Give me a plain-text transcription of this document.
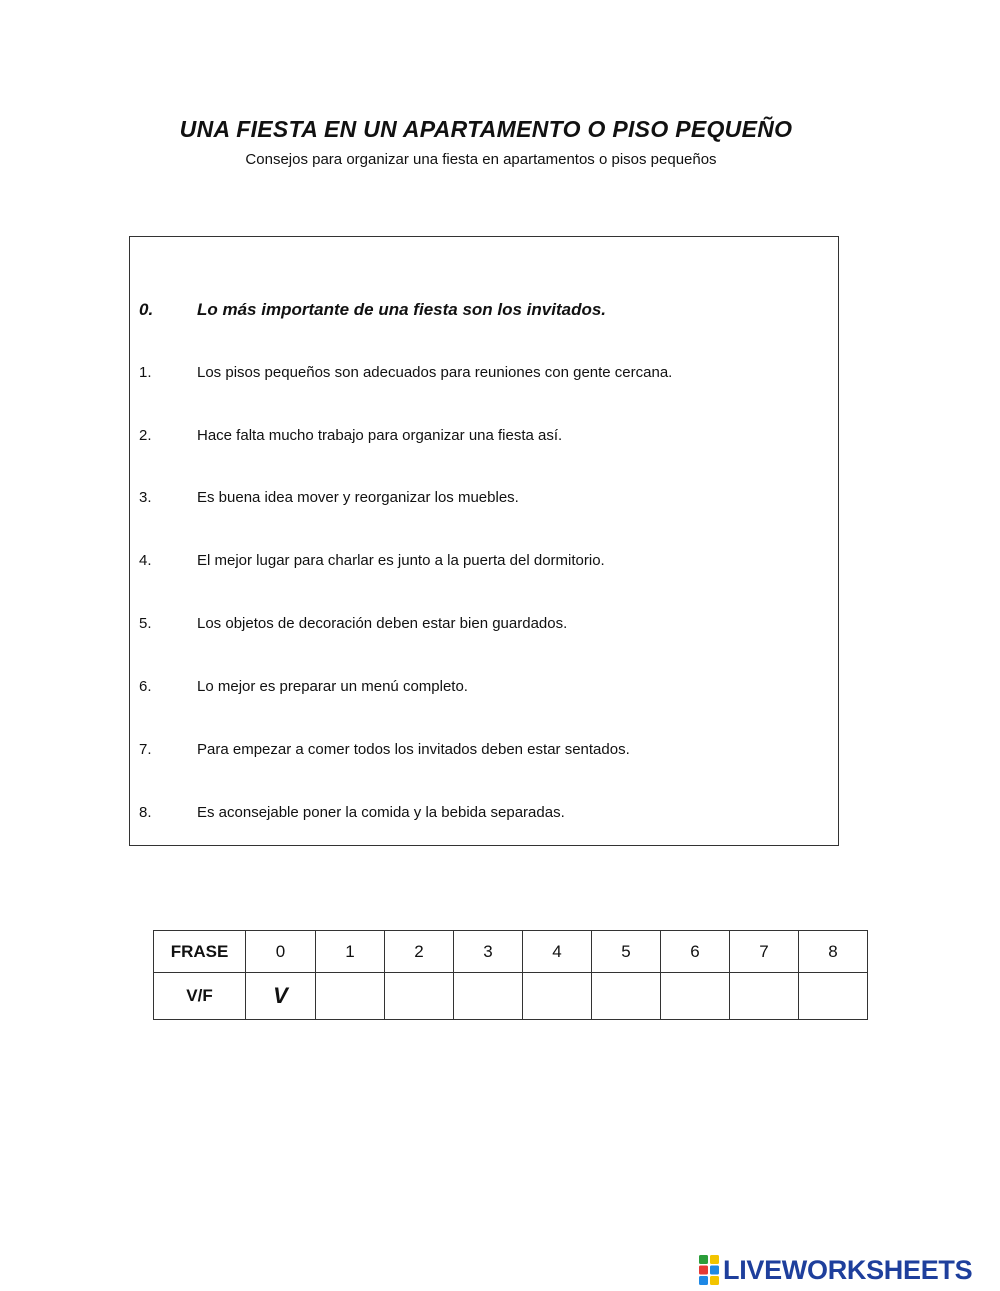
UNA FIESTA EN UN APARTAMENTO O PISO PEQUEÑO

Consejos para organizar una fiesta en apartamentos o pisos pequeños

0.	Lo más importante de una fiesta son los invitados.
1.	Los pisos pequeños son adecuados para reuniones con gente cercana.
2.	Hace falta mucho trabajo para organizar una fiesta así.
3.	Es buena idea mover y reorganizar los muebles.
4.	El mejor lugar para charlar es junto a la puerta del dormitorio.
5.	Los objetos de decoración deben estar bien guardados.
6.	Lo mejor es preparar un menú completo.
7.	Para empezar a comer todos los invitados deben estar sentados.
8.	Es aconsejable poner la comida y la bebida separadas.
FRASE	0	1	2	3	4	5	6	7	8
V/F	V	

LIVEWORKSHEETS
